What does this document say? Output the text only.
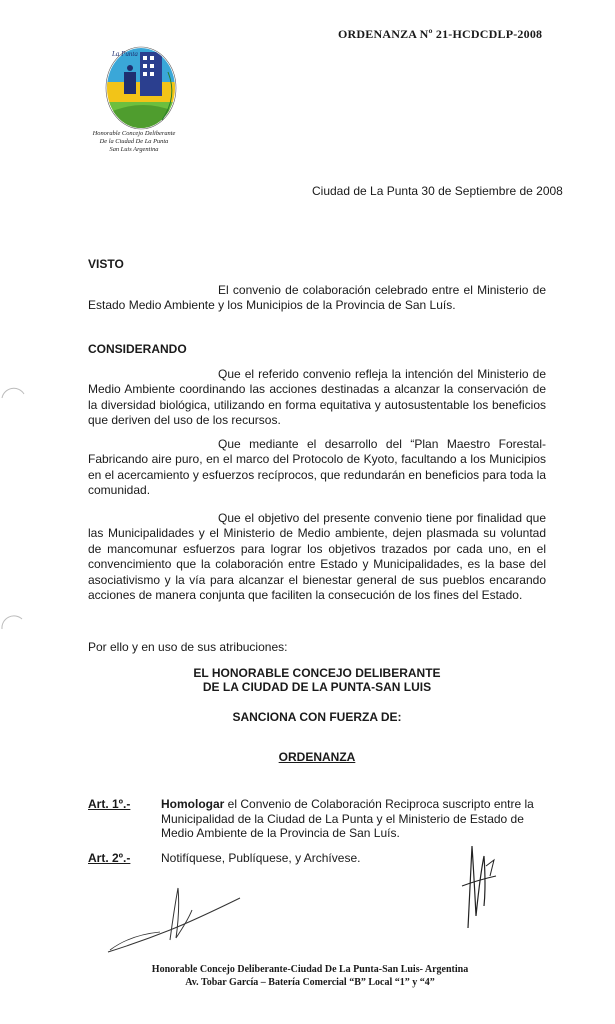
ORDENANZA Nº 21-HCDCDLP-2008
La Punta
Honorable Concejo Deliberante
De la Ciudad De La Punta
San Luis Argentina
Ciudad de La Punta 30 de Septiembre de 2008
VISTO

El convenio de colaboración celebrado entre el Ministerio de Estado Medio Ambiente y los Municipios de la Provincia de San Luís.

CONSIDERANDO

Que el referido convenio refleja la intención del Ministerio de Medio Ambiente coordinando las acciones destinadas a alcanzar la conservación de la diversidad biológica, utilizando en forma equitativa y autosustentable los beneficios que deriven del uso de los recursos.

Que mediante el desarrollo del “Plan Maestro Forestal- Fabricando aire puro, en el marco del Protocolo de Kyoto, facultando a los Municipios en el acercamiento y esfuerzos recíprocos, que redundarán en beneficios para toda la comunidad.

Que el objetivo del presente convenio tiene por finalidad que las Municipalidades y el Ministerio de Medio ambiente, dejen plasmada su voluntad de mancomunar esfuerzos para lograr los objetivos trazados por cada uno, en el convencimiento que la colaboración entre Estado y Municipalidades, es la base del asociativismo y la vía para alcanzar el bienestar general de sus pueblos encarando acciones de manera conjunta que faciliten la consecución de los fines del Estado.

Por ello y en uso de sus atribuciones:
EL HONORABLE CONCEJO DELIBERANTE
DE LA CIUDAD DE LA PUNTA-SAN LUIS
SANCIONA CON FUERZA DE:
ORDENANZA
Art. 1º.-	Homologar el Convenio de Colaboración Reciproca suscripto entre la Municipalidad de la Ciudad de La Punta y el Ministerio de Estado de Medio Ambiente de la Provincia de San Luís.
Art. 2º.-	Notifíquese, Publíquese, y Archívese.
Honorable Concejo Deliberante-Ciudad De La Punta-San Luis- Argentina
Av. Tobar García – Batería Comercial “B” Local “1” y “4”
